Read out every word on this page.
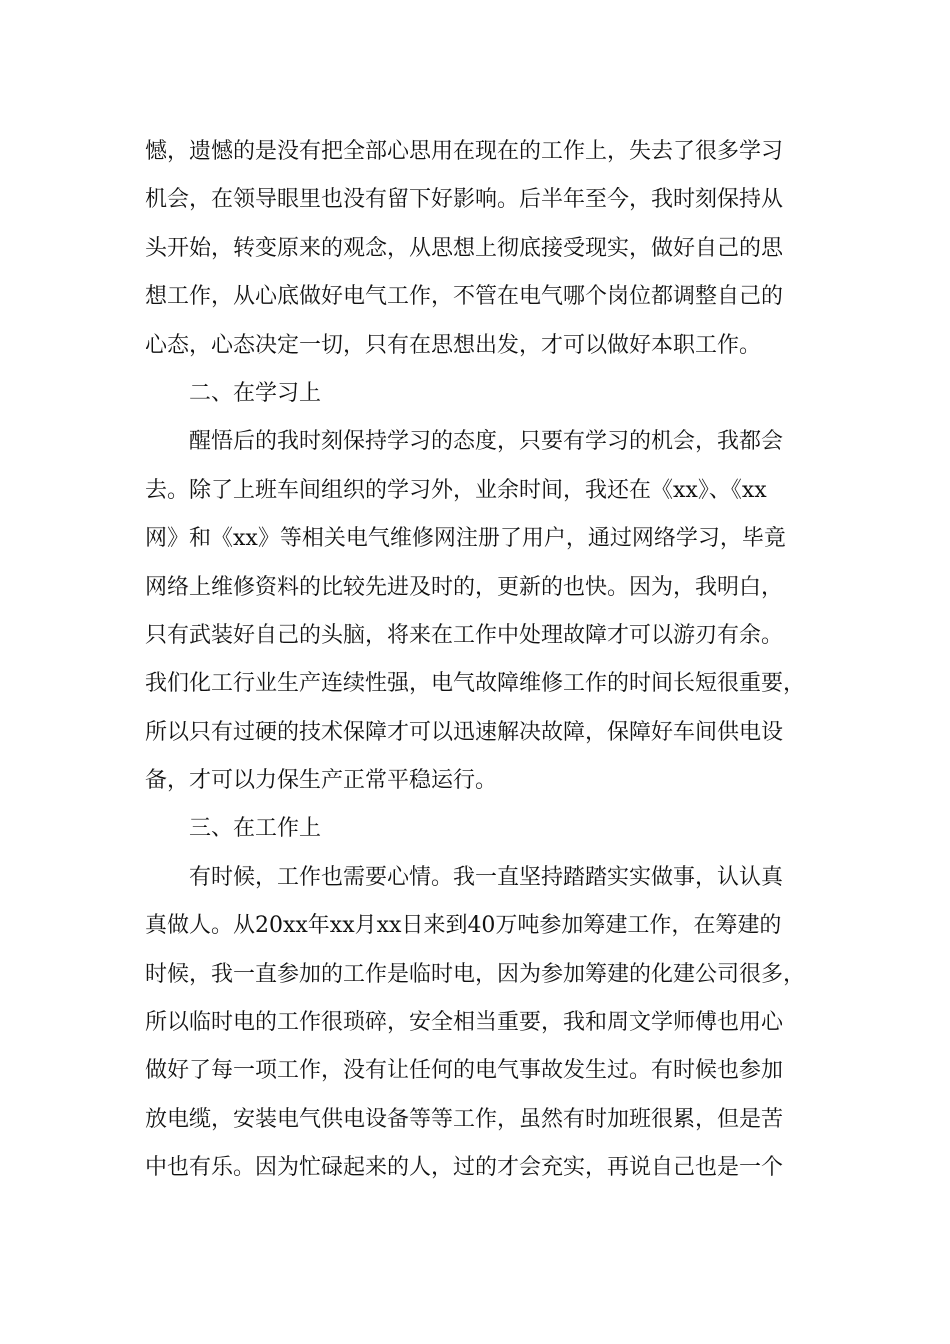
憾，遗憾的是没有把全部心思用在现在的工作上，失去了很多学习
机会，在领导眼里也没有留下好影响。后半年至今，我时刻保持从
头开始，转变原来的观念，从思想上彻底接受现实，做好自己的思
想工作，从心底做好电气工作，不管在电气哪个岗位都调整自己的
心态，心态决定一切，只有在思想出发，才可以做好本职工作。
二、在学习上
醒悟后的我时刻保持学习的态度，只要有学习的机会，我都会
去。除了上班车间组织的学习外，业余时间，我还在《xx》、《xx
网》和《xx》等相关电气维修网注册了用户，通过网络学习，毕竟
网络上维修资料的比较先进及时的，更新的也快。因为，我明白，
只有武装好自己的头脑，将来在工作中处理故障才可以游刃有余。
我们化工行业生产连续性强，电气故障维修工作的时间长短很重要，
所以只有过硬的技术保障才可以迅速解决故障，保障好车间供电设
备，才可以力保生产正常平稳运行。
三、在工作上
有时候，工作也需要心情。我一直坚持踏踏实实做事，认认真
真做人。从20xx年xx月xx日来到40万吨参加筹建工作，在筹建的
时候，我一直参加的工作是临时电，因为参加筹建的化建公司很多，
所以临时电的工作很琐碎，安全相当重要，我和周文学师傅也用心
做好了每一项工作，没有让任何的电气事故发生过。有时候也参加
放电缆，安装电气供电设备等等工作，虽然有时加班很累，但是苦
中也有乐。因为忙碌起来的人，过的才会充实，再说自己也是一个
